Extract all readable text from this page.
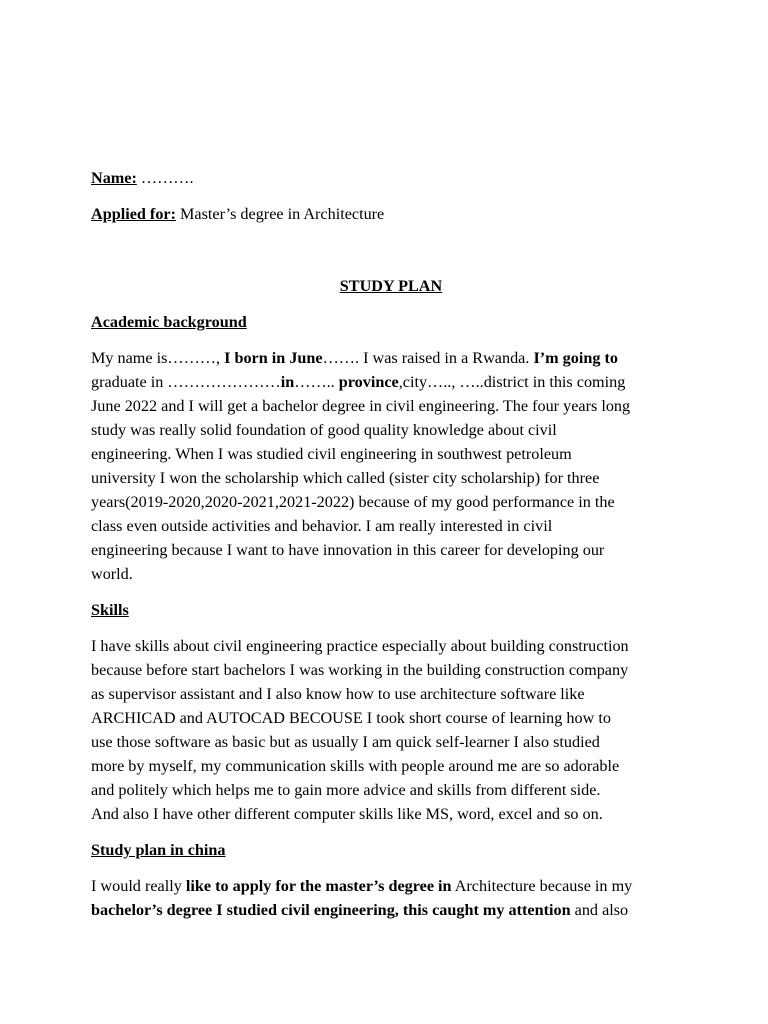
Name: ……….

Applied for: Master’s degree in Architecture

STUDY PLAN

Academic background

My name is………, I born in June……. I was raised in a Rwanda. I’m going to
graduate in …………………in…….. province,city….., …..district in this coming
June 2022 and I will get a bachelor degree in civil engineering. The four years long
study was really solid foundation of good quality knowledge about civil
engineering. When I was studied civil engineering in southwest petroleum
university I won the scholarship which called (sister city scholarship) for three
years(2019-2020,2020-2021,2021-2022) because of my good performance in the
class even outside activities and behavior. I am really interested in civil
engineering because I want to have innovation in this career for developing our
world.

Skills

I have skills about civil engineering practice especially about building construction
because before start bachelors I was working in the building construction company
as supervisor assistant and I also know how to use architecture software like
ARCHICAD and AUTOCAD BECOUSE I took short course of learning how to
use those software as basic but as usually I am quick self-learner I also studied
more by myself, my communication skills with people around me are so adorable
and politely which helps me to gain more advice and skills from different side.
And also I have other different computer skills like MS, word, excel and so on.

Study plan in china

I would really like to apply for the master’s degree in Architecture because in my
bachelor’s degree I studied civil engineering, this caught my attention and also
